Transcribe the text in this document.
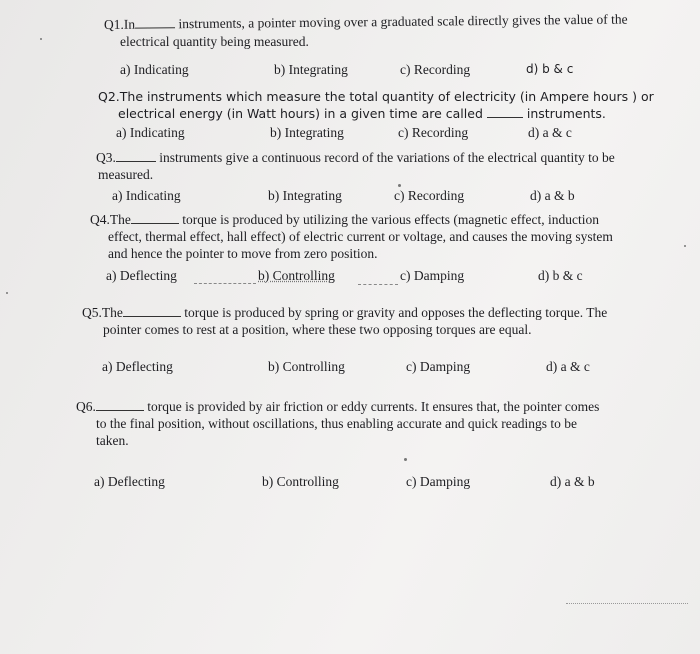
Q1.In	instruments, a pointer moving over a graduated scale directly gives the value of the
electrical quantity being measured.
a) Indicating	b) Integrating	c) Recording	d) b & c
Q2.The instruments which measure the total quantity of electricity (in Ampere hours ) or
electrical energy (in Watt hours) in a given time are called	instruments.
a) Indicating	b) Integrating	c) Recording	d) a & c
Q3.	instruments give a continuous record of the variations of the electrical quantity to be
measured.
a) Indicating	b) Integrating	c) Recording	d) a & b
Q4.The	torque is produced by utilizing the various effects (magnetic effect, induction
effect, thermal effect, hall effect) of electric current or voltage, and causes the moving system
and hence the pointer to move from zero position.
a) Deflecting	b) Controlling	c) Damping	d) b & c
Q5.The	torque is produced by spring or gravity and opposes the deflecting torque. The
pointer comes to rest at a position, where these two opposing torques are equal.
a) Deflecting	b) Controlling	c) Damping	d) a & c
Q6.	torque is provided by air friction or eddy currents. It ensures that, the pointer comes
to the final position, without oscillations, thus enabling accurate and quick readings to be
taken.
a) Deflecting	b) Controlling	c) Damping	d) a & b
